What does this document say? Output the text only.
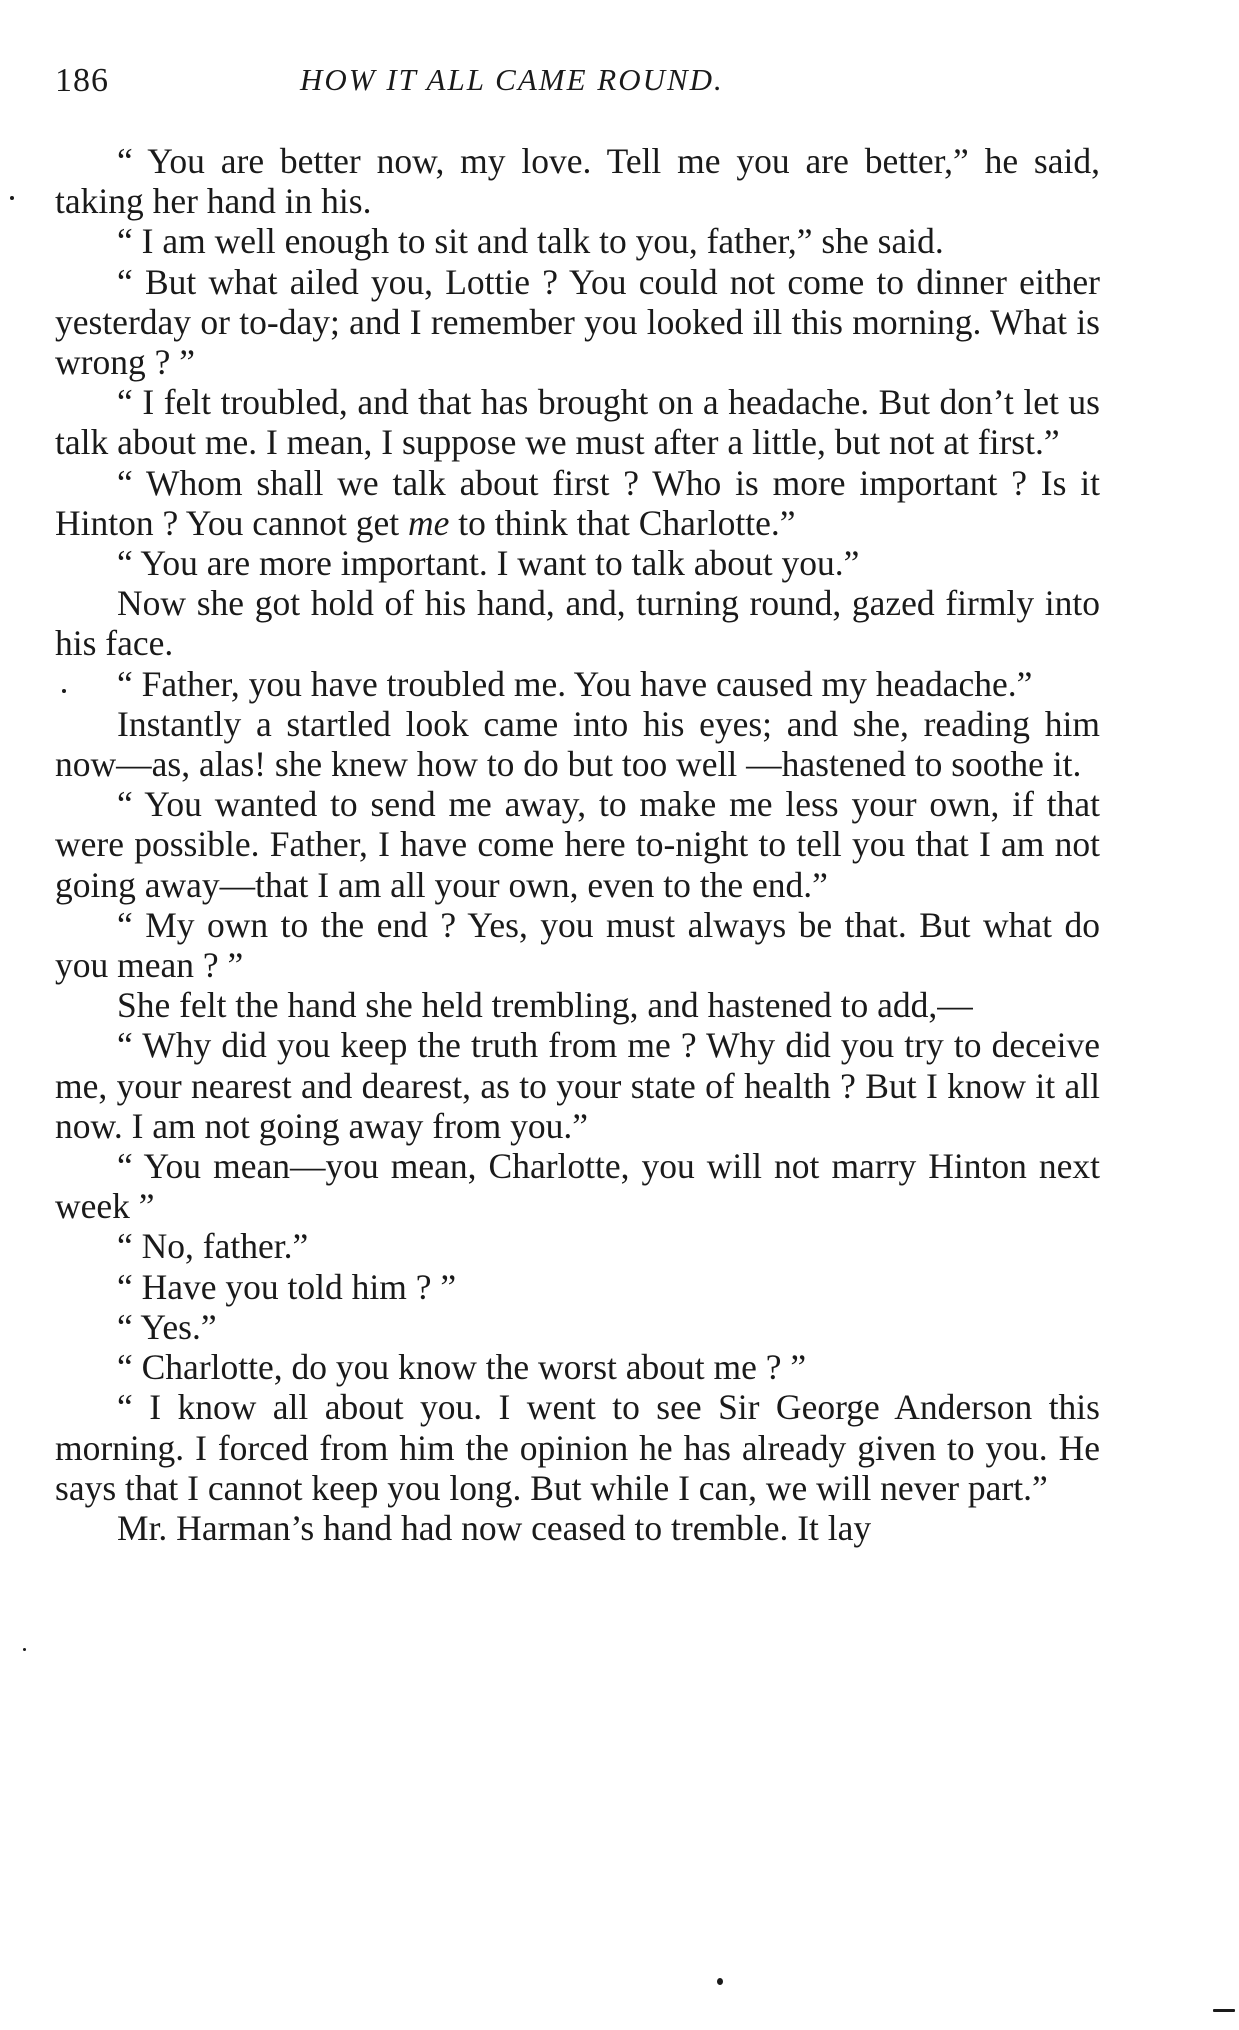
186	HOW IT ALL CAME ROUND.

“ You are better now, my love. Tell me you are better,” he said, taking her hand in his.

“ I am well enough to sit and talk to you, father,” she said.

“ But what ailed you, Lottie ? You could not come to dinner either yesterday or to-day; and I remember you looked ill this morning. What is wrong ? ”

“ I felt troubled, and that has brought on a headache. But don’t let us talk about me. I mean, I suppose we must after a little, but not at first.”

“ Whom shall we talk about first ? Who is more important ? Is it Hinton ? You cannot get me to think that Charlotte.”

“ You are more important. I want to talk about you.”

Now she got hold of his hand, and, turning round, gazed firmly into his face.

“ Father, you have troubled me. You have caused my headache.”

Instantly a startled look came into his eyes; and she, reading him now—as, alas! she knew how to do but too well —hastened to soothe it.

“ You wanted to send me away, to make me less your own, if that were possible. Father, I have come here to-night to tell you that I am not going away—that I am all your own, even to the end.”

“ My own to the end ? Yes, you must always be that. But what do you mean ? ”

She felt the hand she held trembling, and hastened to add,—

“ Why did you keep the truth from me ? Why did you try to deceive me, your nearest and dearest, as to your state of health ? But I know it all now. I am not going away from you.”

“ You mean—you mean, Charlotte, you will not marry Hinton next week ”

“ No, father.”

“ Have you told him ? ”

“ Yes.”

“ Charlotte, do you know the worst about me ? ”

“ I know all about you. I went to see Sir George Anderson this morning. I forced from him the opinion he has already given to you. He says that I cannot keep you long. But while I can, we will never part.”

Mr. Harman’s hand had now ceased to tremble. It lay
